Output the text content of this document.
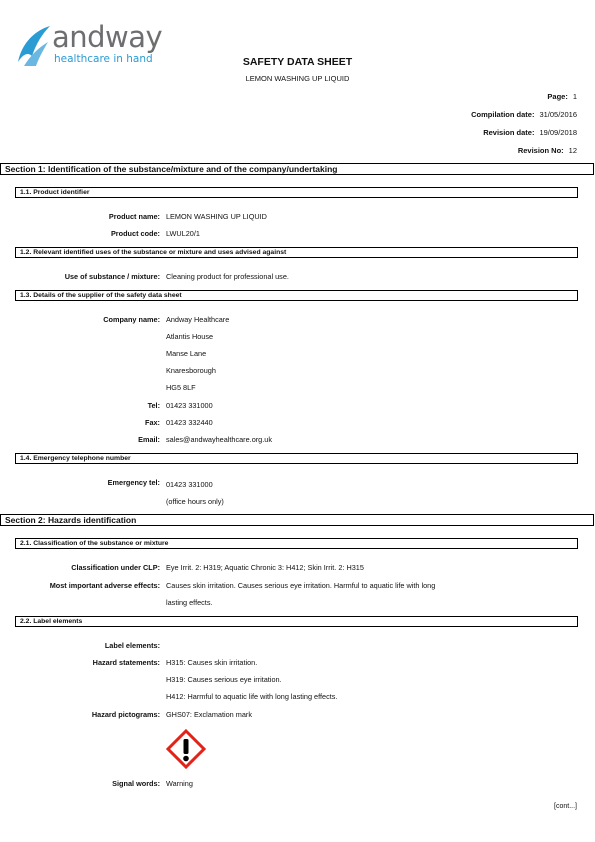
andway
healthcare in hand	SAFETY DATA SHEET
LEMON WASHING UP LIQUID
Page: 1
Compilation date: 31/05/2016
Revision date: 19/09/2018
Revision No: 12
Section 1: Identification of the substance/mixture and of the company/undertaking
1.1. Product identifier
Product name: LEMON WASHING UP LIQUID
Product code: LWUL20/1
1.2. Relevant identified uses of the substance or mixture and uses advised against
Use of substance / mixture: Cleaning product for professional use.
1.3. Details of the supplier of the safety data sheet
Company name: Andway Healthcare
Atlantis House
Manse Lane
Knaresborough
HG5 8LF
Tel: 01423 331000
Fax: 01423 332440
Email: sales@andwayhealthcare.org.uk
1.4. Emergency telephone number
Emergency tel: 01423 331000
(office hours only)
Section 2: Hazards identification
2.1. Classification of the substance or mixture
Classification under CLP: Eye Irrit. 2: H319; Aquatic Chronic 3: H412; Skin Irrit. 2: H315
Most important adverse effects: Causes skin irritation. Causes serious eye irritation. Harmful to aquatic life with long
lasting effects.
2.2. Label elements
Label elements:
Hazard statements: H315: Causes skin irritation.
H319: Causes serious eye irritation.
H412: Harmful to aquatic life with long lasting effects.
Hazard pictograms: GHS07: Exclamation mark
Signal words: Warning
[cont...]
